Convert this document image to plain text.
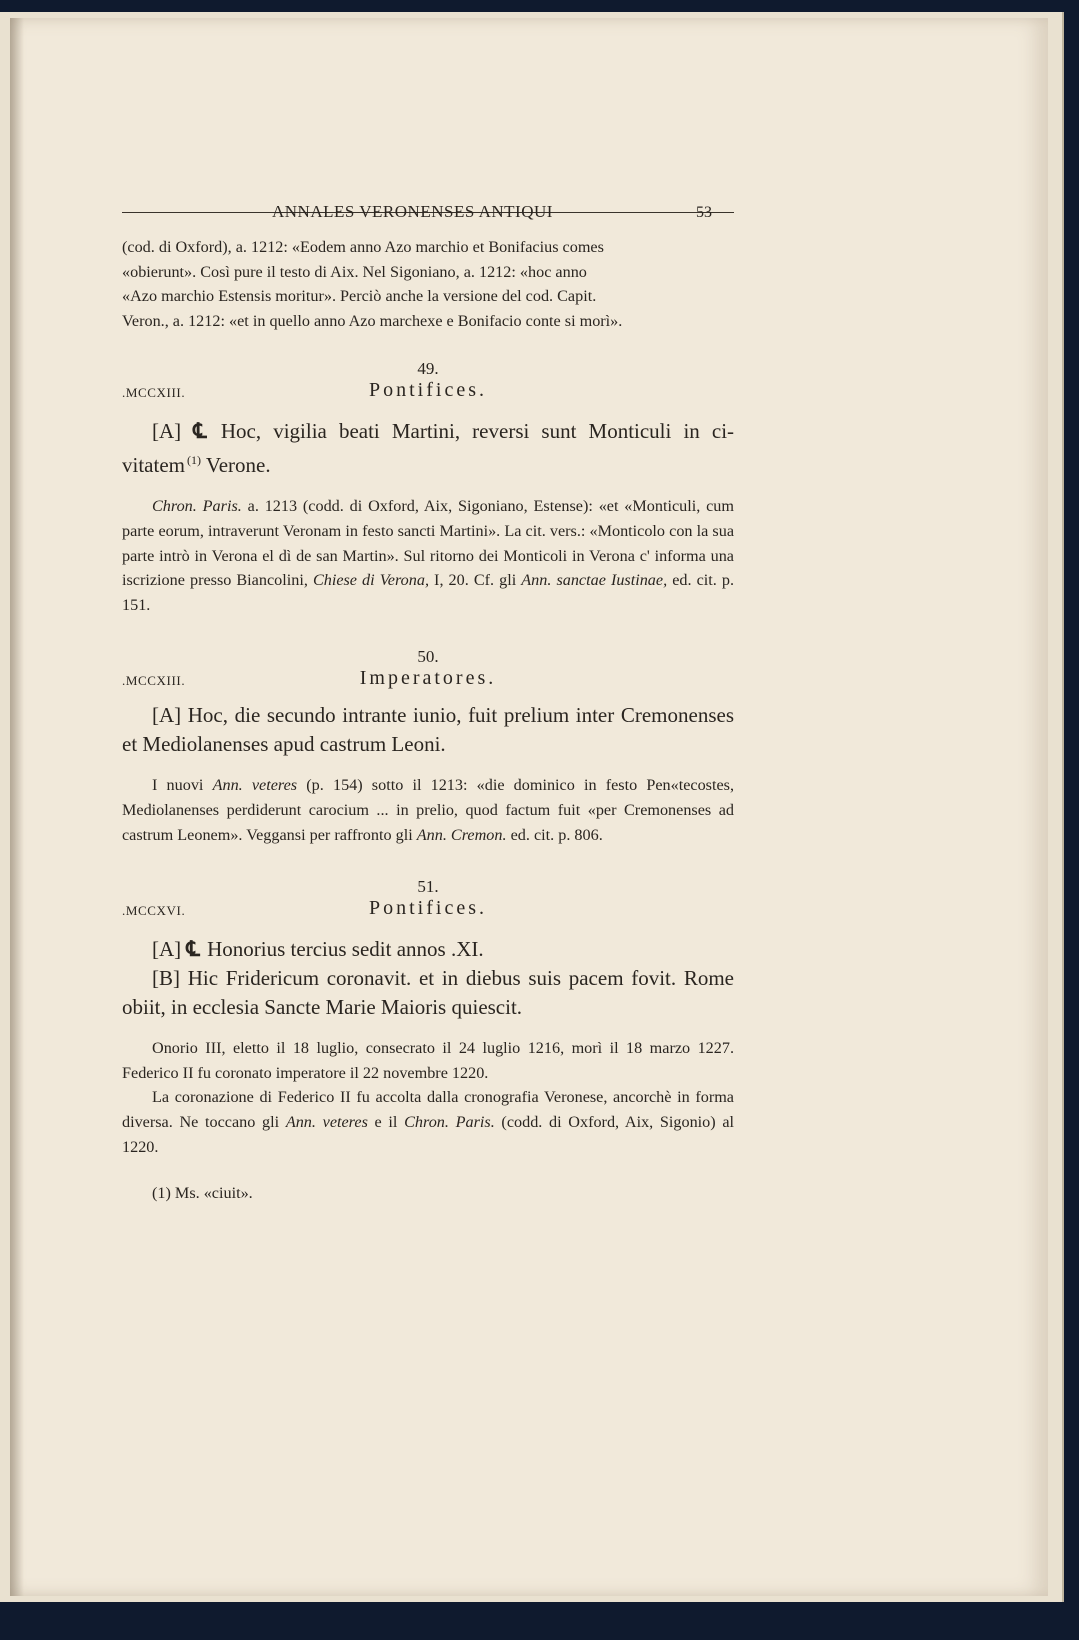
ANNALES VERONENSES ANTIQUI	53

(cod. di Oxford), a. 1212: «Eodem anno Azo marchio et Bonifacius comes

«obierunt». Così pure il testo di Aix. Nel Sigoniano, a. 1212: «hoc anno

«Azo marchio Estensis moritur». Perciò anche la versione del cod. Capit.

Veron., a. 1212: «et in quello anno Azo marchexe e Bonifacio conte si morì».

49.
.MCCXIII.	Pontifices.

[A] ℄ Hoc, vigilia beati Martini, reversi sunt Monticuli in ci- vitatem $^{(1)}$ Verone.

Chron. Paris. a. 1213 (codd. di Oxford, Aix, Sigoniano, Estense): «et «Monticuli, cum parte eorum, intraverunt Veronam in festo sancti Martini». La cit. vers.: «Monticolo con la sua parte intrò in Verona el dì de san Martin». Sul ritorno dei Monticoli in Verona c' informa una iscrizione presso Biancolini, Chiese di Verona, I, 20. Cf. gli Ann. sanctae Iustinae, ed. cit. p. 151.

50.
.MCCXIII.	Imperatores.

[A] Hoc, die secundo intrante iunio, fuit prelium inter Cremonenses et Mediolanenses apud castrum Leoni.

I nuovi Ann. veteres (p. 154) sotto il 1213: «die dominico in festo Pen«tecostes, Mediolanenses perdiderunt carocium ... in prelio, quod factum fuit «per Cremonenses ad castrum Leonem». Veggansi per raffronto gli Ann. Cremon. ed. cit. p. 806.

51.
.MCCXVI.	Pontifices.

[A] ℄ Honorius tercius sedit annos .XI.

[B] Hic Fridericum coronavit. et in diebus suis pacem fovit. Rome obiit, in ecclesia Sancte Marie Maioris quiescit.

Onorio III, eletto il 18 luglio, consecrato il 24 luglio 1216, morì il 18 marzo 1227. Federico II fu coronato imperatore il 22 novembre 1220.

La coronazione di Federico II fu accolta dalla cronografia Veronese, ancorchè in forma diversa. Ne toccano gli Ann. veteres e il Chron. Paris. (codd. di Oxford, Aix, Sigonio) al 1220.

(1) Ms. «ciuit».
